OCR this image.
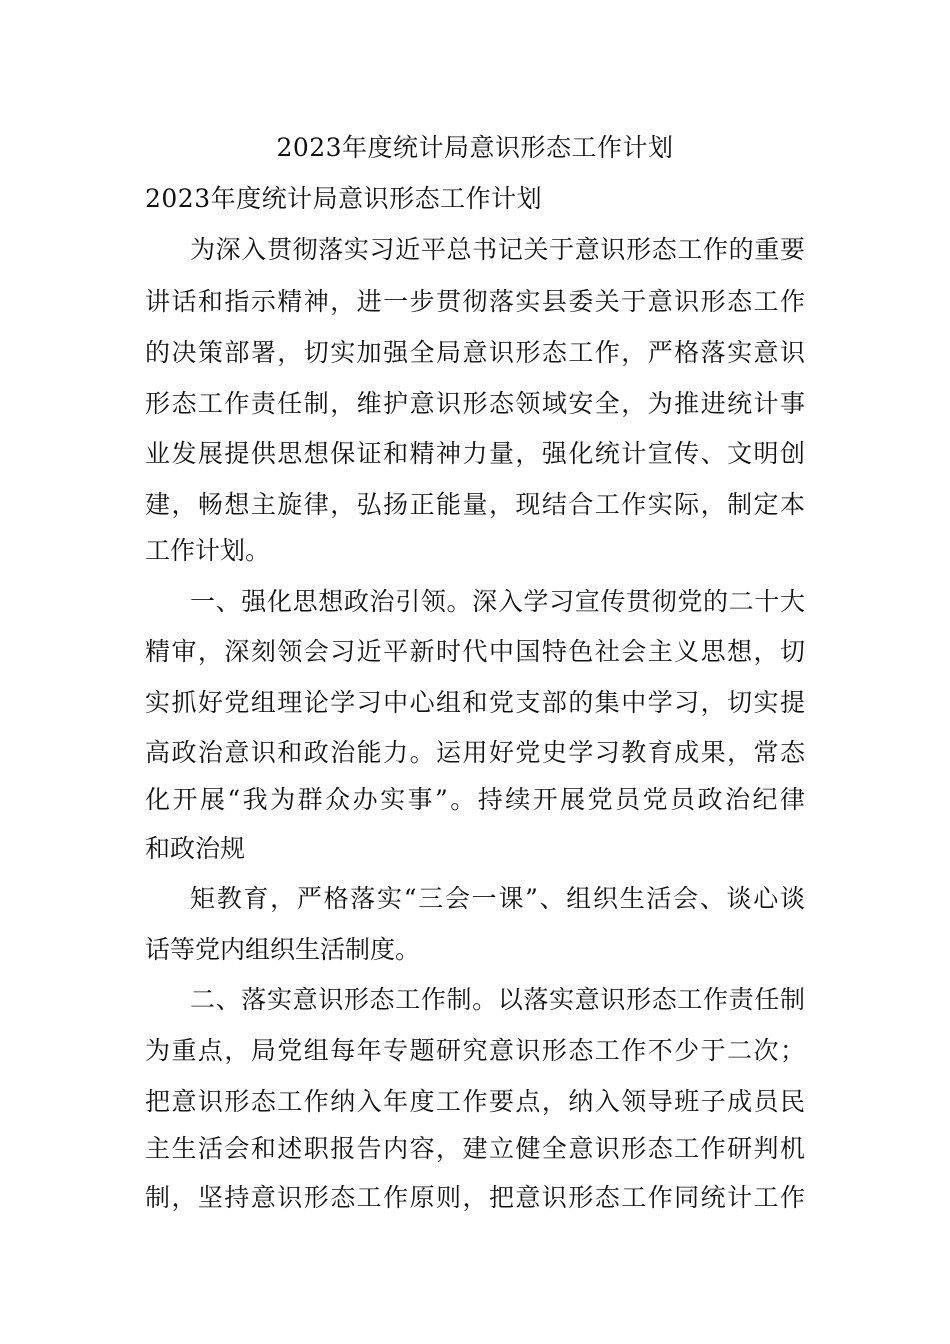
2023年度统计局意识形态工作计划
2023年度统计局意识形态工作计划
为深入贯彻落实习近平总书记关于意识形态工作的重要
讲话和指示精神，进一步贯彻落实县委关于意识形态工作
的决策部署，切实加强全局意识形态工作，严格落实意识
形态工作责任制，维护意识形态领域安全，为推进统计事
业发展提供思想保证和精神力量，强化统计宣传、文明创
建，畅想主旋律，弘扬正能量，现结合工作实际，制定本
工作计划。
一、强化思想政治引领。深入学习宣传贯彻党的二十大
精审，深刻领会习近平新时代中国特色社会主义思想，切
实抓好党组理论学习中心组和党支部的集中学习，切实提
高政治意识和政治能力。运用好党史学习教育成果，常态
化开展“我为群众办实事”。持续开展党员党员政治纪律
和政治规
矩教育，严格落实“三会一课”、组织生活会、谈心谈
话等党内组织生活制度。
二、落实意识形态工作制。以落实意识形态工作责任制
为重点，局党组每年专题研究意识形态工作不少于二次；
把意识形态工作纳入年度工作要点，纳入领导班子成员民
主生活会和述职报告内容，建立健全意识形态工作研判机
制，坚持意识形态工作原则，把意识形态工作同统计工作
